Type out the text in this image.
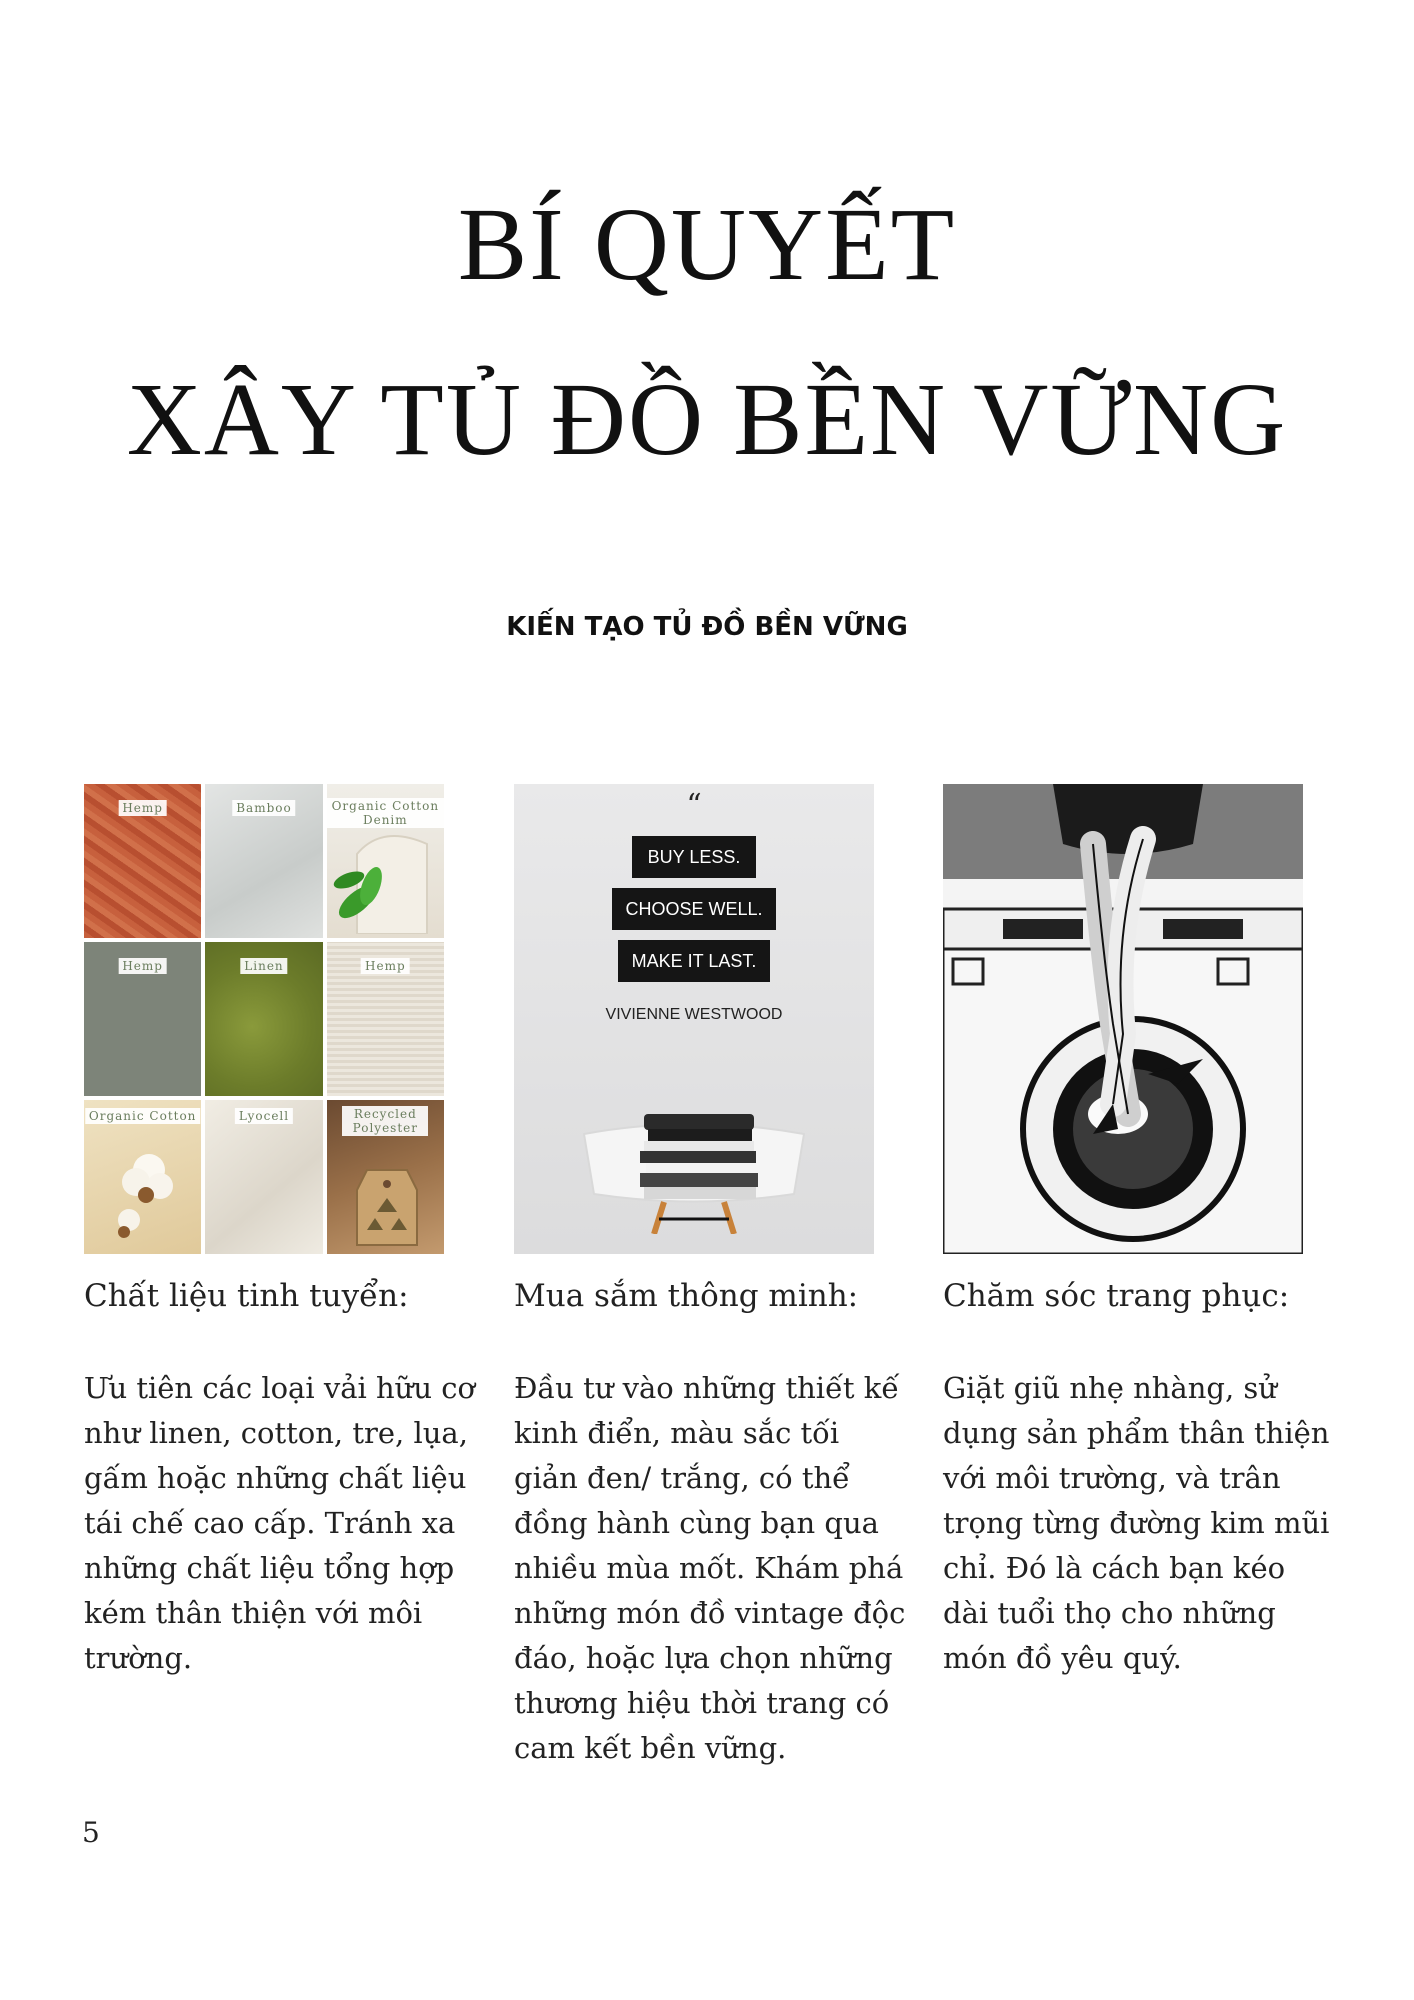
BÍ QUYẾT
XÂY TỦ ĐỒ BỀN VỮNG
KIẾN TẠO TỦ ĐỒ BỀN VỮNG
Hemp	Bamboo	Organic Cotton Denim
Hemp	Linen	Hemp
Organic Cotton	Lyocell	Recycled Polyester
Chất liệu tinh tuyển:
Ưu tiên các loại vải hữu cơ như linen, cotton, tre, lụa, gấm hoặc những chất liệu tái chế cao cấp. Tránh xa những chất liệu tổng hợp kém thân thiện với môi trường.
“
BUY LESS.
CHOOSE WELL.
MAKE IT LAST.
VIVIENNE WESTWOOD
Mua sắm thông minh:
Đầu tư vào những thiết kế kinh điển, màu sắc tối giản đen/ trắng, có thể đồng hành cùng bạn qua nhiều mùa mốt. Khám phá những món đồ vintage độc đáo, hoặc lựa chọn những thương hiệu thời trang có cam kết bền vững.
Chăm sóc trang phục:
Giặt giũ nhẹ nhàng, sử dụng sản phẩm thân thiện với môi trường, và trân trọng từng đường kim mũi chỉ. Đó là cách bạn kéo dài tuổi thọ cho những món đồ yêu quý.
5
